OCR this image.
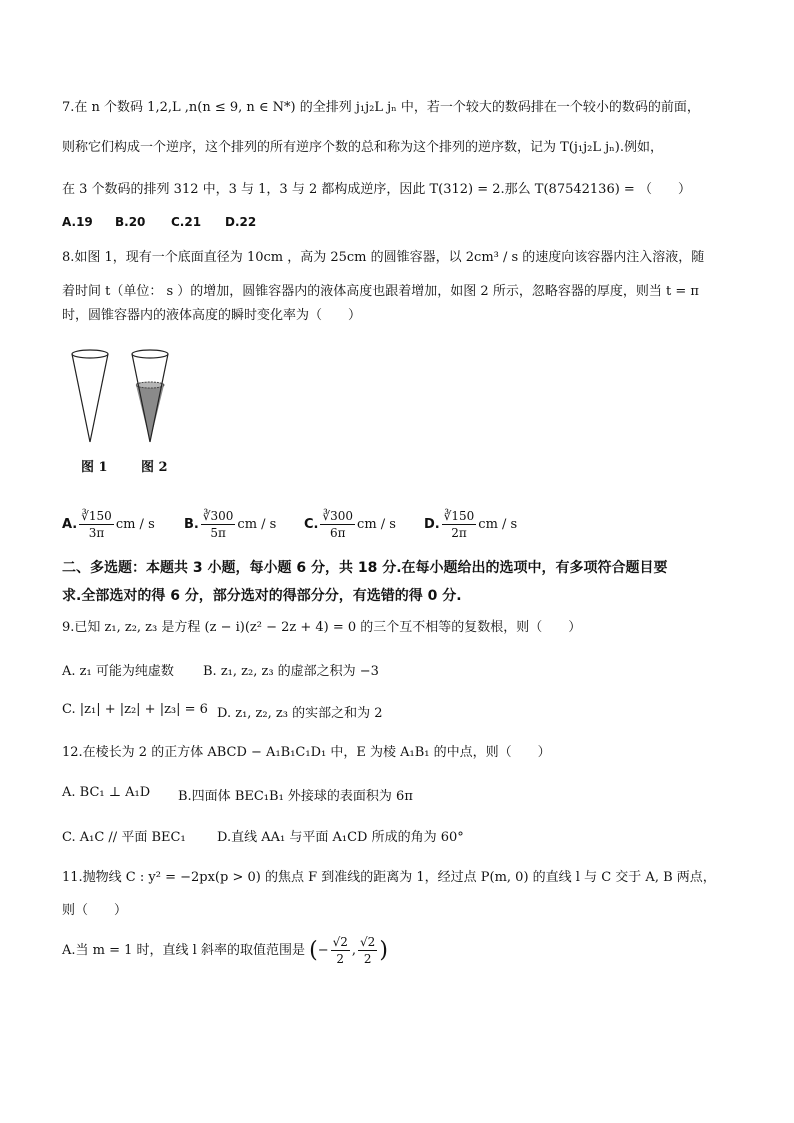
7.在 n 个数码 1,2,L ,n(n ≤ 9, n ∈ N*) 的全排列 j₁j₂L jₙ 中，若一个较大的数码排在一个较小的数码的前面，
则称它们构成一个逆序，这个排列的所有逆序个数的总和称为这个排列的逆序数，记为 T(j₁j₂L jₙ).例如，
在 3 个数码的排列 312 中，3 与 1，3 与 2 都构成逆序，因此 T(312) = 2.那么 T(87542136) = （　　）
A.19 B.20 C.21 D.22
8.如图 1，现有一个底面直径为 10cm ，高为 25cm 的圆锥容器，以 2cm³ / s 的速度向该容器内注入溶液，随
着时间 t（单位： s ）的增加，圆锥容器内的液体高度也跟着增加，如图 2 所示，忽略容器的厚度，则当 t = π
时，圆锥容器内的液体高度的瞬时变化率为（　　）
图 1	图 2
A. $\frac{∛150}{3\pi}$ cm / s B. $\frac{∛300}{5\pi}$ cm / s C. $\frac{∛300}{6\pi}$ cm / s D. $\frac{∛150}{2\pi}$ cm / s
二、多选题：本题共 3 小题，每小题 6 分，共 18 分.在每小题给出的选项中，有多项符合题目要
求.全部选对的得 6 分，部分选对的得部分分，有选错的得 0 分.
9.已知 z₁, z₂, z₃ 是方程 (z − i)(z² − 2z + 4) = 0 的三个互不相等的复数根，则（　　）
A. z₁ 可能为纯虚数 B. z₁, z₂, z₃ 的虚部之积为 −3
C. |z₁| + |z₂| + |z₃| = 6 D. z₁, z₂, z₃ 的实部之和为 2
12.在棱长为 2 的正方体 ABCD − A₁B₁C₁D₁ 中，E 为棱 A₁B₁ 的中点，则（　　）
A. BC₁ ⊥ A₁D B.四面体 BEC₁B₁ 外接球的表面积为 6π
C. A₁C // 平面 BEC₁ D.直线 AA₁ 与平面 A₁CD 所成的角为 60°
11.抛物线 C : y² = −2px(p > 0) 的焦点 F 到准线的距离为 1，经过点 P(m, 0) 的直线 l 与 C 交于 A, B 两点，
则（　　）
A.当 m = 1 时，直线 l 斜率的取值范围是 (− $\frac{√2}{2}$ , $\frac{√2}{2}$ )
